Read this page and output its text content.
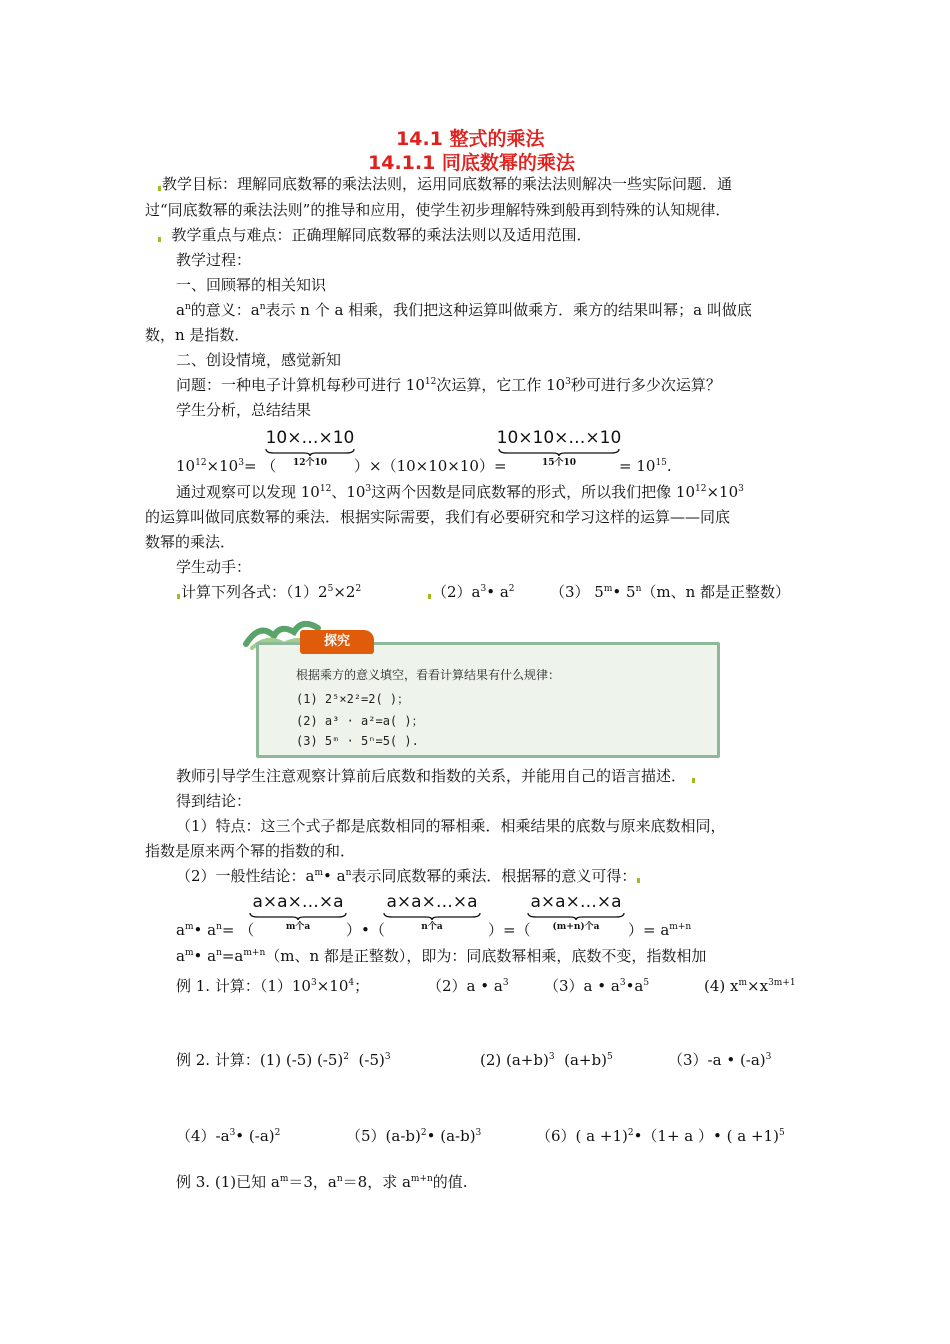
14.1 整式的乘法
14.1.1 同底数幂的乘法
教学目标：理解同底数幂的乘法法则，运用同底数幂的乘法法则解决一些实际问题．通
过“同底数幂的乘法法则”的推导和应用，使学生初步理解特殊到般再到特殊的认知规律．
教学重点与难点：正确理解同底数幂的乘法法则以及适用范围．
教学过程：
一、回顾幂的相关知识
$a^n$的意义：$a^n$表示 n 个 a 相乘，我们把这种运算叫做乘方．乘方的结果叫幂；a 叫做底
数，n 是指数．
二、创设情境，感觉新知
问题：一种电子计算机每秒可进行 $10^{12}$次运算，它工作 $10^3$秒可进行多少次运算？
学生分析，总结结果
10×…×10
12个10
10×10×…×10
15个10
$10^{12}\times 10^3=$ （	）×（10×10×10）=	= $10^{15}$.
通过观察可以发现 $10^{12}$、$10^3$这两个因数是同底数幂的形式，所以我们把像 $10^{12}\times 10^3$
的运算叫做同底数幂的乘法．根据实际需要，我们有必要研究和学习这样的运算——同底
数幂的乘法．
学生动手：
计算下列各式：$(1)2^5\times 2^2$	$(2)a^3•$ $a^2$ （3） 5$^m$• 5$^n$（m、n 都是正整数）
探究
根据乘方的意义填空，看看计算结果有什么规律：
(1) 2⁵×2²=2( )；
(2) a³ · a²=a( )；
(3) 5ᵐ · 5ⁿ=5( ).
教师引导学生注意观察计算前后底数和指数的关系，并能用自己的语言描述．
得到结论：
（1）特点：这三个式子都是底数相同的幂相乘．相乘结果的底数与原来底数相同，
指数是原来两个幂的指数的和．
（2）一般性结论：$a^m•$ $a^n$表示同底数幂的乘法．根据幂的意义可得：
a×a×…×a
m个a
a×a×…×a
n个a
a×a×…×a
(m+n)个a
$a^m•$ $a^n=$ （	）•（	）=（	）= $a^{m+n}$
$a^m•$ $a^n=a^{m+n}(m$、n 都是正整数），即为：同底数幂相乘，底数不变，指数相加
例 1. 计算：$(1)10^3\times 10^4$；	（2）a • $a^3$ （3）a • $a^3•a^5$	(4) $x^m\times x^{3m+1}$
例 2. 计算：(1) (-5) $(-5)^2$ $(-5)^3$	(2) $(a+b)^3$ $(a+b)^5$	（3）-a • $(-a)^3$
$(4)-a^3•$ $(-a)^2$	$(5)(a-b)^2•$ $(a-b)^3$	（6）( a +1)$^2$•（1+ a ）• ( a +1)$^5$
例 3. (1)已知 $a^m=3$，$a^n=8$，求 $a^{m+n}$的值.
